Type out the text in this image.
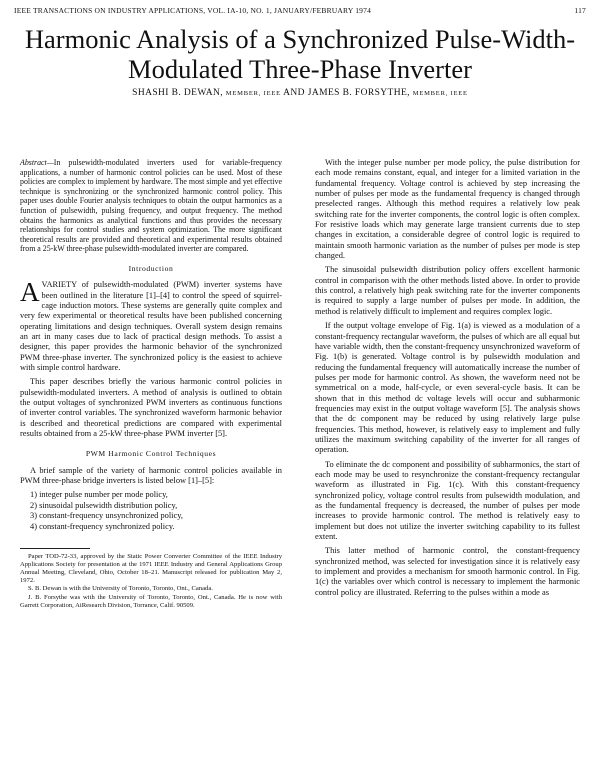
IEEE TRANSACTIONS ON INDUSTRY APPLICATIONS, VOL. IA-10, NO. 1, JANUARY/FEBRUARY 1974	117
Harmonic Analysis of a Synchronized Pulse-Width-Modulated Three-Phase Inverter
SHASHI B. DEWAN, MEMBER, IEEE AND JAMES B. FORSYTHE, MEMBER, IEEE
Abstract—In pulsewidth-modulated inverters used for variable-frequency applications, a number of harmonic control policies can be used. Most of these policies are complex to implement by hardware. The most simple and yet effective technique is synchronizing or the synchronized harmonic control policy. This paper uses double Fourier analysis techniques to obtain the output harmonics as a function of pulsewidth, pulsing frequency, and output frequency. The method obtains the harmonics as analytical functions and thus provides the necessary relationships for control studies and system optimization. The more significant theoretical results are provided and theoretical and experimental results obtained from a 25-kW three-phase pulsewidth-modulated inverter are compared.
Introduction

AVARIETY of pulsewidth-modulated (PWM) inverter systems have been outlined in the literature [1]–[4] to control the speed of squirrel-cage induction motors. These systems are generally quite complex and very few experimental or theoretical results have been published concerning operating limitations and design techniques. Overall system design remains an art in many cases due to lack of practical design methods. To assist a designer, this paper provides the harmonic behavior of the synchronized PWM three-phase inverter. The synchronized policy is the easiest to achieve with simple control hardware.

This paper describes briefly the various harmonic control policies in pulsewidth-modulated inverters. A method of analysis is outlined to obtain the output voltages of synchronized PWM inverters as continuous functions of inverter control variables. The synchronized waveform harmonic behavior is described and theoretical predictions are compared with experimental results obtained from a 25-kW three-phase PWM inverter [5].

PWM Harmonic Control Techniques

A brief sample of the variety of harmonic control policies available in PWM three-phase bridge inverters is listed below [1]–[5]:

1) integer pulse number per mode policy,
2) sinusoidal pulsewidth distribution policy,
3) constant-frequency unsynchronized policy,
4) constant-frequency synchronized policy.

Paper TOD-72-33, approved by the Static Power Converter Committee of the IEEE Industry Applications Society for presentation at the 1971 IEEE Industry and General Applications Group Annual Meeting, Cleveland, Ohio, October 18–21. Manuscript released for publication May 2, 1972.

S. B. Dewan is with the University of Toronto, Toronto, Ont., Canada.

J. B. Forsythe was with the University of Toronto, Toronto, Ont., Canada. He is now with Garrett Corporation, AiResearch Division, Torrance, Calif. 90509.

With the integer pulse number per mode policy, the pulse distribution for each mode remains constant, equal, and integer for a limited variation in the fundamental frequency. Voltage control is achieved by step increasing the number of pulses per mode as the fundamental frequency is changed through preselected ranges. Although this method requires a relatively low peak switching rate for the inverter components, the control logic is often complex. For resistive loads which may generate large transient currents due to step changes in excitation, a considerable degree of control logic is required to maintain smooth harmonic variation as the number of pulses per mode is step changed.

The sinusoidal pulsewidth distribution policy offers excellent harmonic control in comparison with the other methods listed above. In order to provide this control, a relatively high peak switching rate for the inverter components is required to supply a large number of pulses per mode. In addition, the method is relatively difficult to implement and requires complex logic.

If the output voltage envelope of Fig. 1(a) is viewed as a modulation of a constant-frequency rectangular waveform, the pulses of which are all equal but have variable width, then the constant-frequency unsynchronized waveform of Fig. 1(b) is generated. Voltage control is by pulsewidth modulation and reducing the fundamental frequency will automatically increase the number of pulses per mode for harmonic control. As shown, the waveform need not be symmetrical on a mode, half-cycle, or even several-cycle basis. It can be shown that in this method dc voltage levels will occur and subharmonic frequencies may exist in the output voltage waveform [5]. The analysis shows that the dc component may be reduced by using relatively large pulse frequencies. This method, however, is relatively easy to implement and fully utilizes the maximum switching capability of the inverter for all ranges of operation.

To eliminate the dc component and possibility of subharmonics, the start of each mode may be used to resynchronize the constant-frequency rectangular waveform as illustrated in Fig. 1(c). With this constant-frequency synchronized policy, voltage control results from pulsewidth modulation, and as the fundamental frequency is decreased, the number of pulses per mode increases to provide harmonic control. The method is relatively easy to implement but does not utilize the inverter switching capability to its fullest extent.

This latter method of harmonic control, the constant-frequency synchronized method, was selected for investigation since it is relatively easy to implement and provides a mechanism for smooth harmonic control. In Fig. 1(c) the variables over which control is necessary to implement the harmonic control policy are illustrated. Referring to the pulses within a mode as
